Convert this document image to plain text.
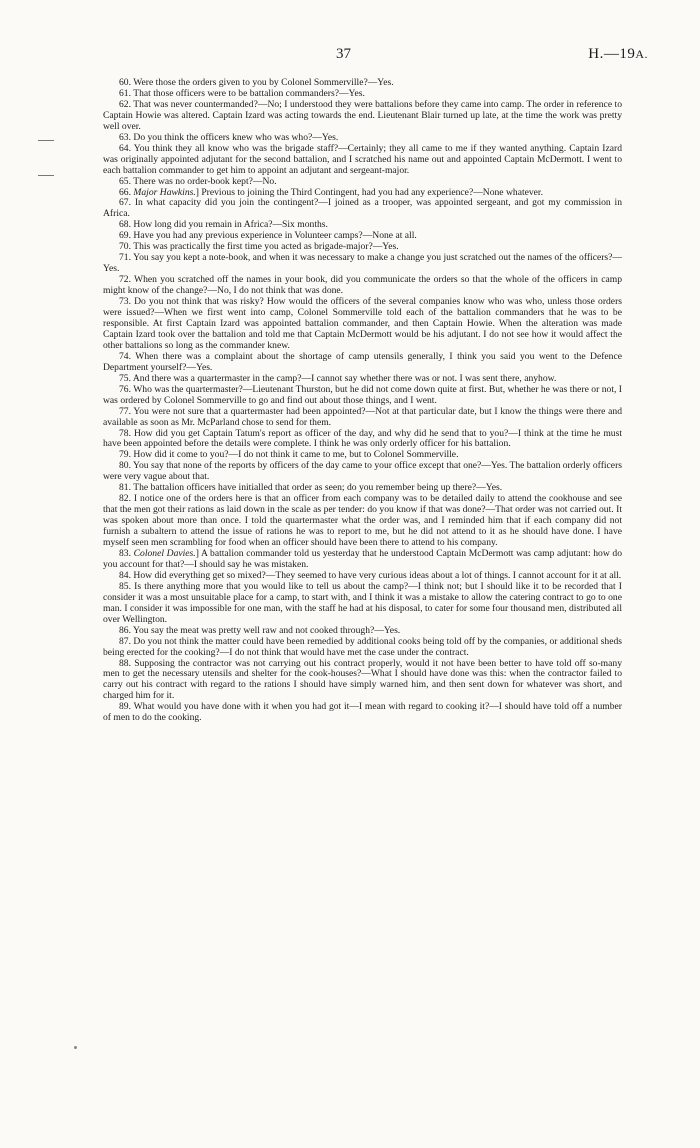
37	H.—19A.

60. Were those the orders given to you by Colonel Sommerville?—Yes.

61. That those officers were to be battalion commanders?—Yes.

62. That was never countermanded?—No; I understood they were battalions before they came into camp. The order in reference to Captain Howie was altered. Captain Izard was acting towards the end. Lieutenant Blair turned up late, at the time the work was pretty well over.

63. Do you think the officers knew who was who?—Yes.

64. You think they all know who was the brigade staff?—Certainly; they all came to me if they wanted anything. Captain Izard was originally appointed adjutant for the second battalion, and I scratched his name out and appointed Captain McDermott. I went to each battalion commander to get him to appoint an adjutant and sergeant-major.

65. There was no order-book kept?—No.

66. Major Hawkins.] Previous to joining the Third Contingent, had you had any experience?—None whatever.

67. In what capacity did you join the contingent?—I joined as a trooper, was appointed sergeant, and got my commission in Africa.

68. How long did you remain in Africa?—Six months.

69. Have you had any previous experience in Volunteer camps?—None at all.

70. This was practically the first time you acted as brigade-major?—Yes.

71. You say you kept a note-book, and when it was necessary to make a change you just scratched out the names of the officers?—Yes.

72. When you scratched off the names in your book, did you communicate the orders so that the whole of the officers in camp might know of the change?—No, I do not think that was done.

73. Do you not think that was risky? How would the officers of the several companies know who was who, unless those orders were issued?—When we first went into camp, Colonel Sommerville told each of the battalion commanders that he was to be responsible. At first Captain Izard was appointed battalion commander, and then Captain Howie. When the alteration was made Captain Izard took over the battalion and told me that Captain McDermott would be his adjutant. I do not see how it would affect the other battalions so long as the commander knew.

74. When there was a complaint about the shortage of camp utensils generally, I think you said you went to the Defence Department yourself?—Yes.

75. And there was a quartermaster in the camp?—I cannot say whether there was or not. I was sent there, anyhow.

76. Who was the quartermaster?—Lieutenant Thurston, but he did not come down quite at first. But, whether he was there or not, I was ordered by Colonel Sommerville to go and find out about those things, and I went.

77. You were not sure that a quartermaster had been appointed?—Not at that particular date, but I know the things were there and available as soon as Mr. McParland chose to send for them.

78. How did you get Captain Tatum's report as officer of the day, and why did he send that to you?—I think at the time he must have been appointed before the details were complete. I think he was only orderly officer for his battalion.

79. How did it come to you?—I do not think it came to me, but to Colonel Sommerville.

80. You say that none of the reports by officers of the day came to your office except that one?—Yes. The battalion orderly officers were very vague about that.

81. The battalion officers have initialled that order as seen; do you remember being up there?—Yes.

82. I notice one of the orders here is that an officer from each company was to be detailed daily to attend the cookhouse and see that the men got their rations as laid down in the scale as per tender: do you know if that was done?—That order was not carried out. It was spoken about more than once. I told the quartermaster what the order was, and I reminded him that if each company did not furnish a subaltern to attend the issue of rations he was to report to me, but he did not attend to it as he should have done. I have myself seen men scrambling for food when an officer should have been there to attend to his company.

83. Colonel Davies.] A battalion commander told us yesterday that he understood Captain McDermott was camp adjutant: how do you account for that?—I should say he was mistaken.

84. How did everything get so mixed?—They seemed to have very curious ideas about a lot of things. I cannot account for it at all.

85. Is there anything more that you would like to tell us about the camp?—I think not; but I should like it to be recorded that I consider it was a most unsuitable place for a camp, to start with, and I think it was a mistake to allow the catering contract to go to one man. I consider it was impossible for one man, with the staff he had at his disposal, to cater for some four thousand men, distributed all over Wellington.

86. You say the meat was pretty well raw and not cooked through?—Yes.

87. Do you not think the matter could have been remedied by additional cooks being told off by the companies, or additional sheds being erected for the cooking?—I do not think that would have met the case under the contract.

88. Supposing the contractor was not carrying out his contract properly, would it not have been better to have told off so-many men to get the necessary utensils and shelter for the cook-houses?—What I should have done was this: when the contractor failed to carry out his contract with regard to the rations I should have simply warned him, and then sent down for whatever was short, and charged him for it.

89. What would you have done with it when you had got it—I mean with regard to cooking it?—I should have told off a number of men to do the cooking.
